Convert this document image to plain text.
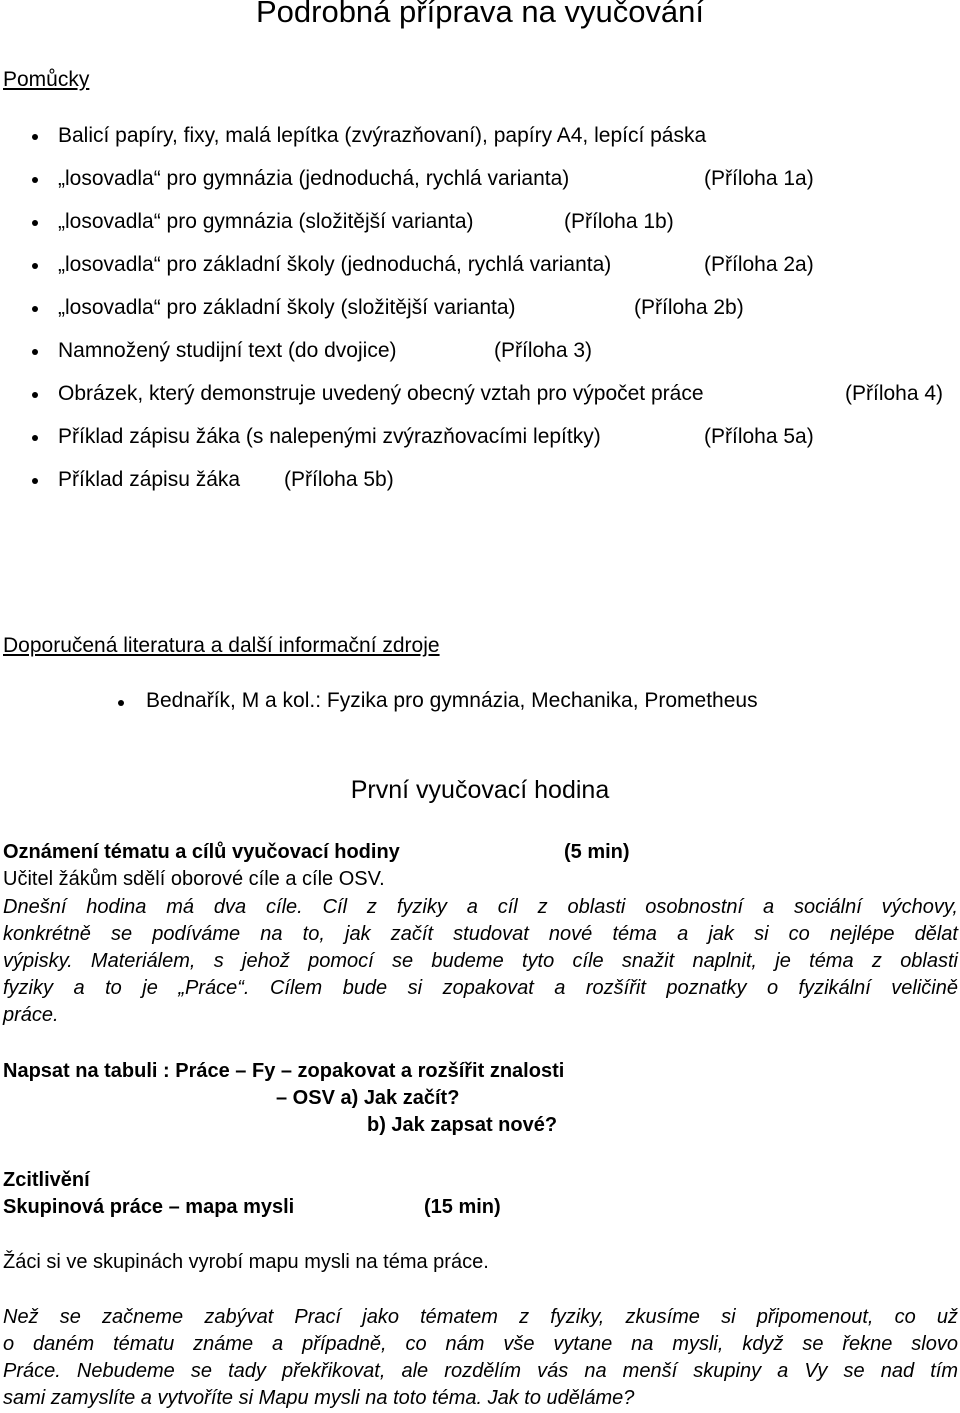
Podrobná příprava na vyučování
Pomůcky
Balicí papíry, fixy, malá lepítka (zvýrazňovaní), papíry A4, lepící páska
„losovadla“ pro gymnázia (jednoduchá, rychlá varianta)	(Příloha 1a)
„losovadla“ pro gymnázia (složitější varianta)	(Příloha 1b)
„losovadla“ pro základní školy (jednoduchá, rychlá varianta)	(Příloha 2a)
„losovadla“ pro základní školy (složitější varianta)	(Příloha 2b)
Namnožený studijní text (do dvojice)	(Příloha 3)
Obrázek, který demonstruje uvedený obecný vztah pro výpočet práce	(Příloha 4)
Příklad zápisu žáka (s nalepenými zvýrazňovacími lepítky)	(Příloha 5a)
Příklad zápisu žáka (Příloha 5b)
Doporučená literatura a další informační zdroje
Bednařík, M a kol.: Fyzika pro gymnázia, Mechanika, Prometheus
První vyučovací hodina
Oznámení tématu a cílů vyučovací hodiny	(5 min)
Učitel žákům sdělí oborové cíle a cíle OSV.
Dnešní hodina má dva cíle. Cíl z fyziky a cíl z oblasti osobnostní a sociální výchovy,
konkrétně se podíváme na to, jak začít studovat nové téma a jak si co nejlépe dělat
výpisky. Materiálem, s jehož pomocí se budeme tyto cíle snažit naplnit, je téma z oblasti
fyziky a to je „Práce“. Cílem bude si zopakovat a rozšířit poznatky o fyzikální veličině
práce.
Napsat na tabuli : Práce – Fy – zopakovat a rozšířit znalosti
– OSV a) Jak začít?
b) Jak zapsat nové?
Zcitlivění
Skupinová práce – mapa mysli	(15 min)
Žáci si ve skupinách vyrobí mapu mysli na téma práce.
Než se začneme zabývat Prací jako tématem z fyziky, zkusíme si připomenout, co už
o daném tématu známe a případně, co nám vše vytane na mysli, když se řekne slovo
Práce. Nebudeme se tady překřikovat, ale rozdělím vás na menší skupiny a Vy se nad tím
sami zamyslíte a vytvoříte si Mapu mysli na toto téma. Jak to uděláme?
